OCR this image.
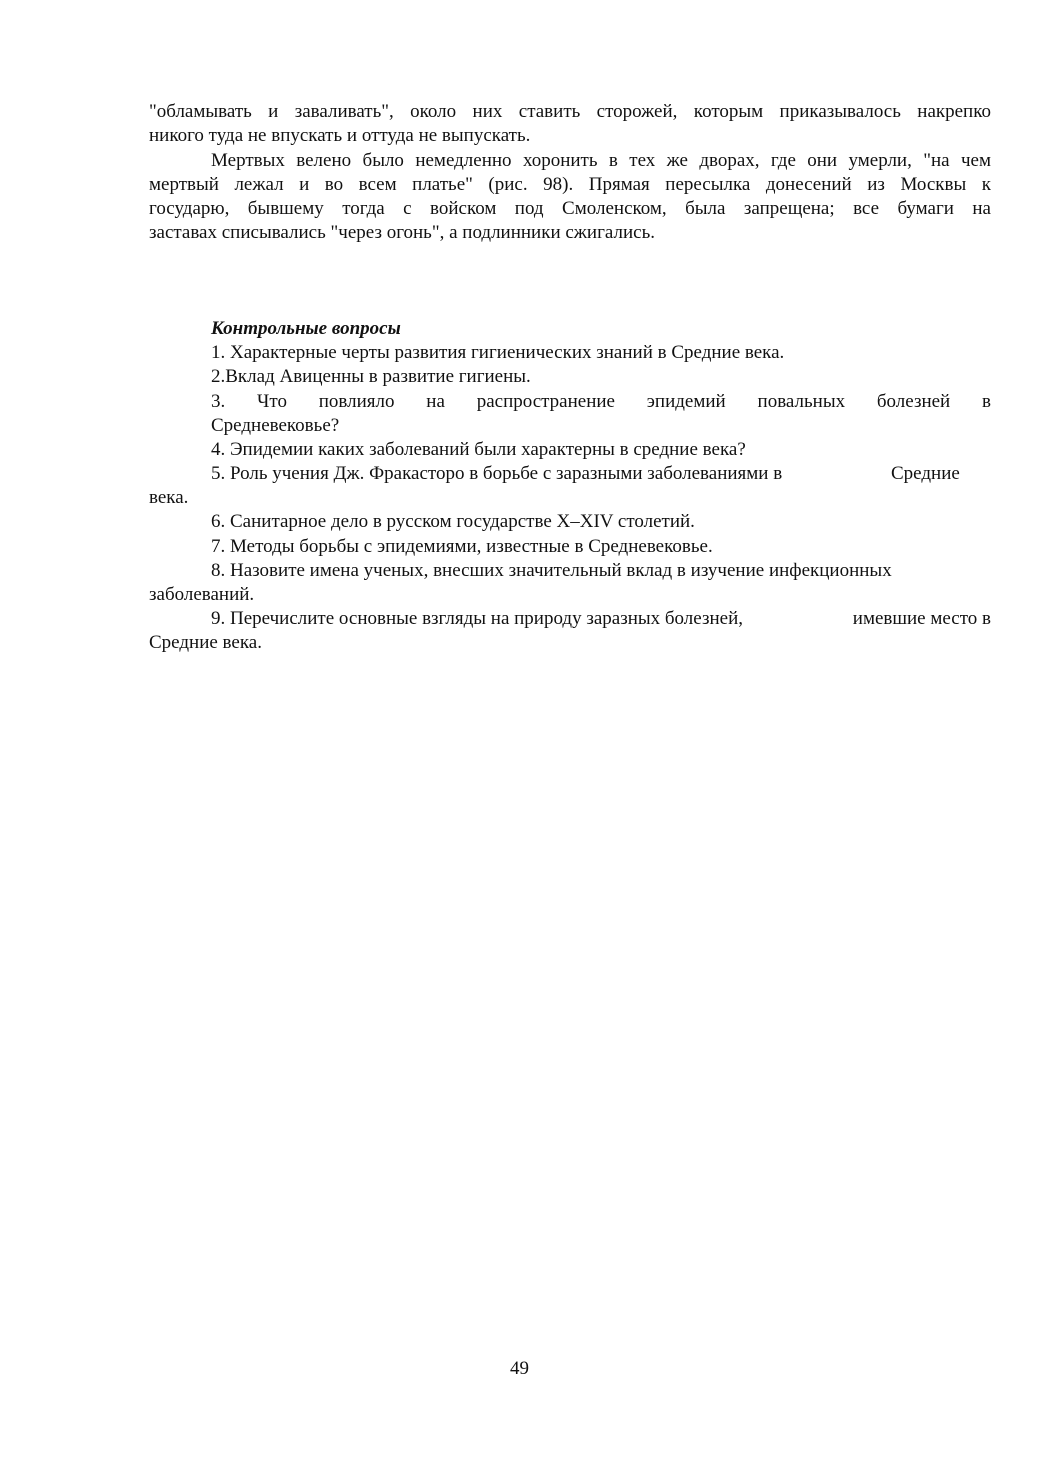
"обламывать и заваливать", около них ставить сторожей, которым приказывалось накрепко
никого туда не впускать и оттуда не выпускать.
Мертвых велено было немедленно хоронить в тех же дворах, где они умерли, "на чем
мертвый лежал и во всем платье" (рис. 98). Прямая пересылка донесений из Москвы к
государю, бывшему тогда с войском под Смоленском, была запрещена; все бумаги на
заставах списывались "через огонь", а подлинники сжигались.
Контрольные вопросы
1. Характерные черты развития гигиенических знаний в Средние века.
2.Вклад Авиценны в развитие гигиены.
3. Что повлияло на распространение эпидемий повальных болезней в
Средневековье?
4. Эпидемии каких заболеваний были характерны в средние века?
5. Роль учения Дж. Фракасторо в борьбе с заразными заболеваниями в	Средние
века.
6. Санитарное дело в русском государстве X–XIV столетий.
7. Методы борьбы с эпидемиями, известные в Средневековье.
8. Назовите имена ученых, внесших значительный вклад в изучение инфекционных
заболеваний.
9. Перечислите основные взгляды на природу заразных болезней,	имевшие место в
Средние века.
49
